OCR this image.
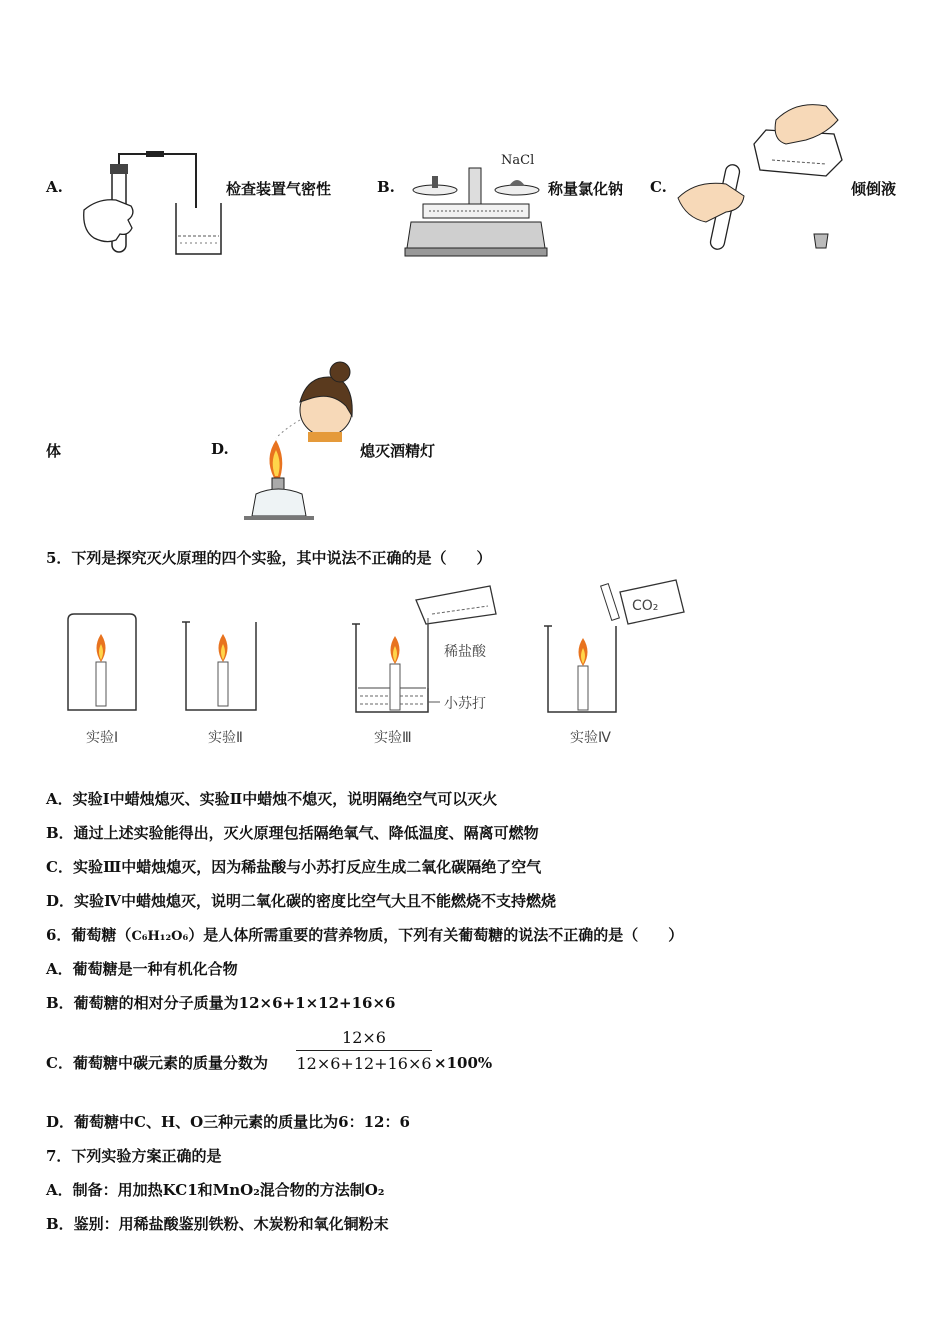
A.	检查装置气密性	B.
NaCl
称量氯化钠 C.	倾倒液
体	D.	熄灭酒精灯
5．下列是探究灭火原理的四个实验，其中说法不正确的是（　　）
实验Ⅰ	实验Ⅱ
稀盐酸
小苏打
实验Ⅲ
CO₂
实验Ⅳ
A．实验Ⅰ中蜡烛熄灭、实验Ⅱ中蜡烛不熄灭，说明隔绝空气可以灭火
B．通过上述实验能得出，灭火原理包括隔绝氧气、降低温度、隔离可燃物
C．实验Ⅲ中蜡烛熄灭，因为稀盐酸与小苏打反应生成二氧化碳隔绝了空气
D．实验Ⅳ中蜡烛熄灭，说明二氧化碳的密度比空气大且不能燃烧不支持燃烧
6．葡萄糖（C₆H₁₂O₆）是人体所需重要的营养物质，下列有关葡萄糖的说法不正确的是（　　）
A．葡萄糖是一种有机化合物
B．葡萄糖的相对分子质量为12×6+1×12+16×6
C．葡萄糖中碳元素的质量分数为
12×6
12×6+12+16×6 ×100%
D．葡萄糖中C、H、O三种元素的质量比为6：12：6
7．下列实验方案正确的是
A．制备：用加热KC1和MnO₂混合物的方法制O₂
B．鉴别：用稀盐酸鉴别铁粉、木炭粉和氧化铜粉末
